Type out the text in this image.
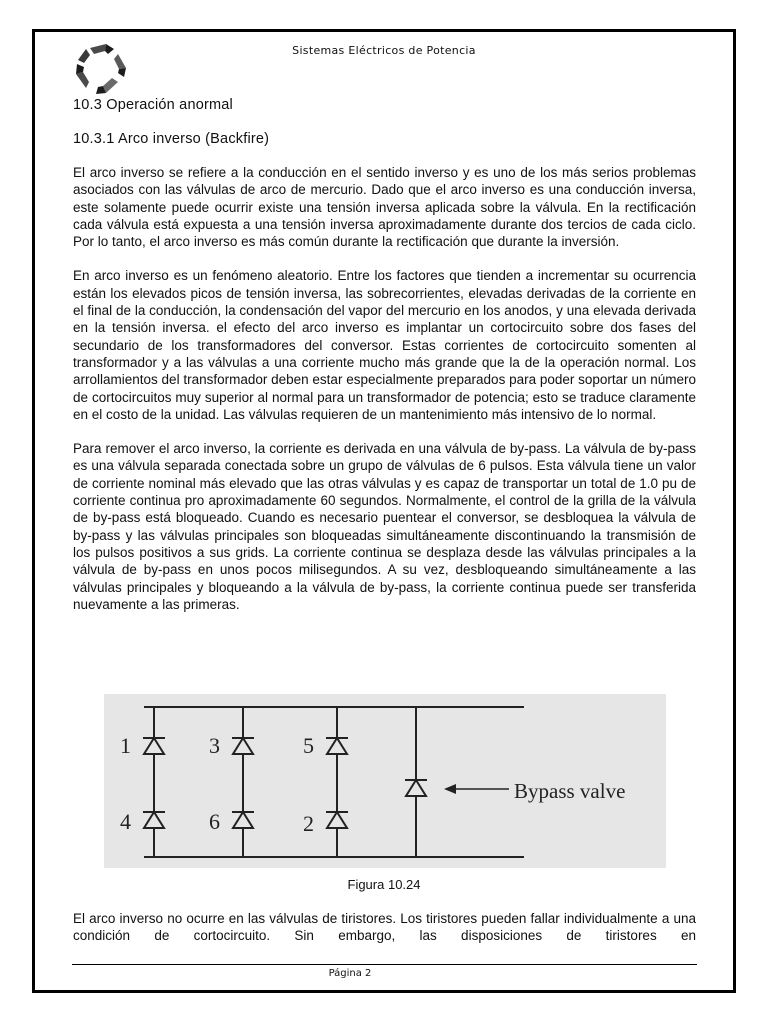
Sistemas Eléctricos de Potencia
10.3 Operación anormal
10.3.1 Arco inverso (Backfire)

El arco inverso se refiere a la conducción en el sentido inverso y es uno de los más serios problemas asociados con las válvulas de arco de mercurio. Dado que el arco inverso es una conducción inversa, este solamente puede ocurrir existe una tensión inversa aplicada sobre la válvula. En la rectificación cada válvula está expuesta a una tensión inversa aproximadamente durante dos tercios de cada ciclo. Por lo tanto, el arco inverso es más común durante la rectificación que durante la inversión.

En arco inverso es un fenómeno aleatorio. Entre los factores que tienden a incrementar su ocurrencia están los elevados picos de tensión inversa, las sobrecorrientes, elevadas derivadas de la corriente en el final de la conducción, la condensación del vapor del mercurio en los anodos, y una elevada derivada en la tensión inversa. el efecto del arco inverso es implantar un cortocircuito sobre dos fases del secundario de los transformadores del conversor. Estas corrientes de cortocircuito somenten al transformador y a las válvulas a una corriente mucho más grande que la de la operación normal. Los arrollamientos del transformador deben estar especialmente preparados para poder soportar un número de cortocircuitos muy superior al normal para un transformador de potencia; esto se traduce claramente en el costo de la unidad. Las válvulas requieren de un mantenimiento más intensivo de lo normal.

Para remover el arco inverso, la corriente es derivada en una válvula de by-pass. La válvula de by-pass es una válvula separada conectada sobre un grupo de válvulas de 6 pulsos. Esta válvula tiene un valor de corriente nominal más elevado que las otras válvulas y es capaz de transportar un total de 1.0 pu de corriente continua pro aproximadamente 60 segundos. Normalmente, el control de la grilla de la válvula de by-pass está bloqueado. Cuando es necesario puentear el conversor, se desbloquea la válvula de by-pass y las válvulas principales son bloqueadas simultáneamente discontinuando la transmisión de los pulsos positivos a sus grids. La corriente continua se desplaza desde las válvulas principales a la válvula de by-pass en unos pocos milisegundos. A su vez, desbloqueando simultáneamente a las válvulas principales y bloqueando a la válvula de by-pass, la corriente continua puede ser transferida nuevamente a las primeras.

1	3	5
4	6	2
Bypass valve
Figura 10.24

El arco inverso no ocurre en las válvulas de tiristores. Los tiristores pueden fallar individualmente a una condición de cortocircuito. Sin embargo, las disposiciones de tiristores en

Página 2
